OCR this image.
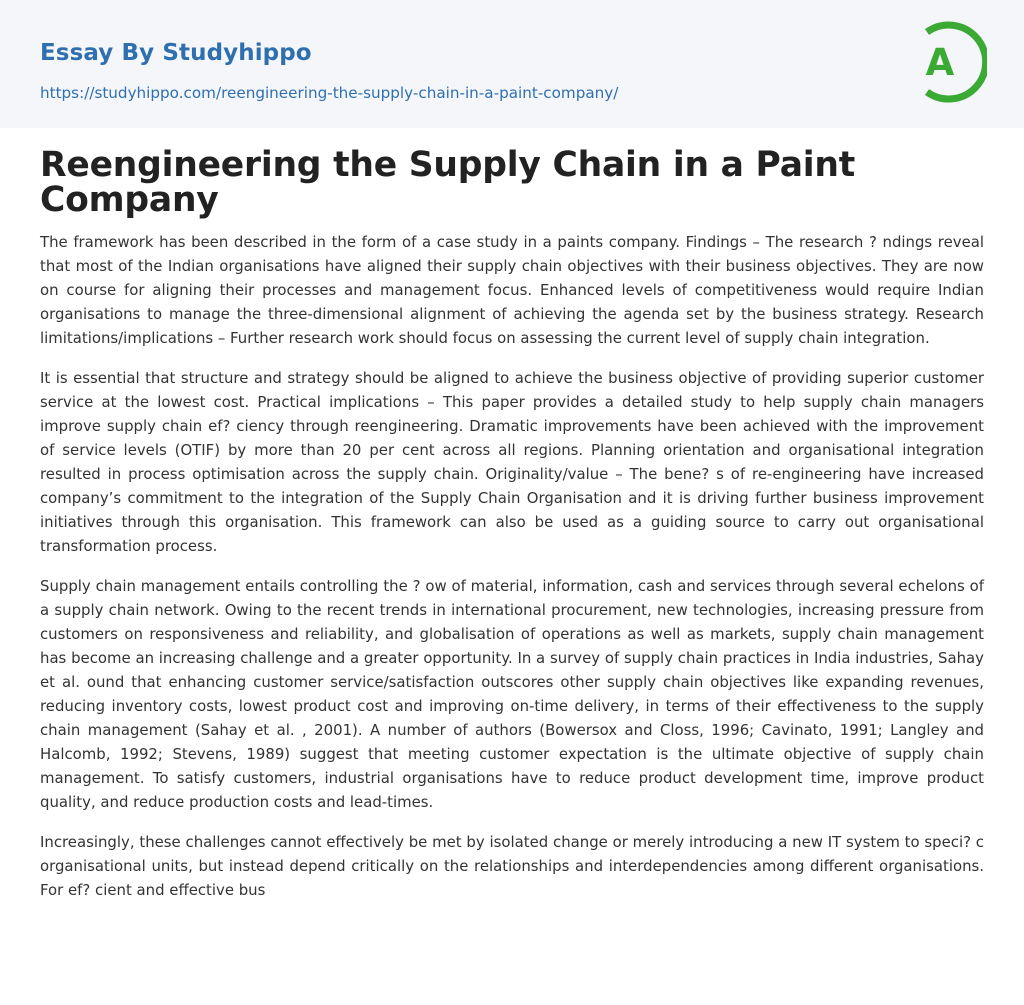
Essay By Studyhippo
https://studyhippo.com/reengineering-the-supply-chain-in-a-paint-company/
A
Reengineering the Supply Chain in a Paint Company

The framework has been described in the form of a case study in a paints company. Findings – The research ? ndings reveal that most of the Indian organisations have aligned their supply chain objectives with their business objectives. They are now on course for aligning their processes and management focus. Enhanced levels of competitiveness would require Indian organisations to manage the three-dimensional alignment of achieving the agenda set by the business strategy. Research limitations/implications – Further research work should focus on assessing the current level of supply chain integration.

It is essential that structure and strategy should be aligned to achieve the business objective of providing superior customer service at the lowest cost. Practical implications – This paper provides a detailed study to help supply chain managers improve supply chain ef? ciency through reengineering. Dramatic improvements have been achieved with the improvement of service levels (OTIF) by more than 20 per cent across all regions. Planning orientation and organisational integration resulted in process optimisation across the supply chain. Originality/value – The bene? s of re-engineering have increased company’s commitment to the integration of the Supply Chain Organisation and it is driving further business improvement initiatives through this organisation. This framework can also be used as a guiding source to carry out organisational transformation process.

Supply chain management entails controlling the ? ow of material, information, cash and services through several echelons of a supply chain network. Owing to the recent trends in international procurement, new technologies, increasing pressure from customers on responsiveness and reliability, and globalisation of operations as well as markets, supply chain management has become an increasing challenge and a greater opportunity. In a survey of supply chain practices in India industries, Sahay et al. ound that enhancing customer service/satisfaction outscores other supply chain objectives like expanding revenues, reducing inventory costs, lowest product cost and improving on-time delivery, in terms of their effectiveness to the supply chain management (Sahay et al. , 2001). A number of authors (Bowersox and Closs, 1996; Cavinato, 1991; Langley and Halcomb, 1992; Stevens, 1989) suggest that meeting customer expectation is the ultimate objective of supply chain management. To satisfy customers, industrial organisations have to reduce product development time, improve product quality, and reduce production costs and lead-times.

Increasingly, these challenges cannot effectively be met by isolated change or merely introducing a new IT system to speci? c organisational units, but instead depend critically on the relationships and interdependencies among different organisations. For ef? cient and effective bus
